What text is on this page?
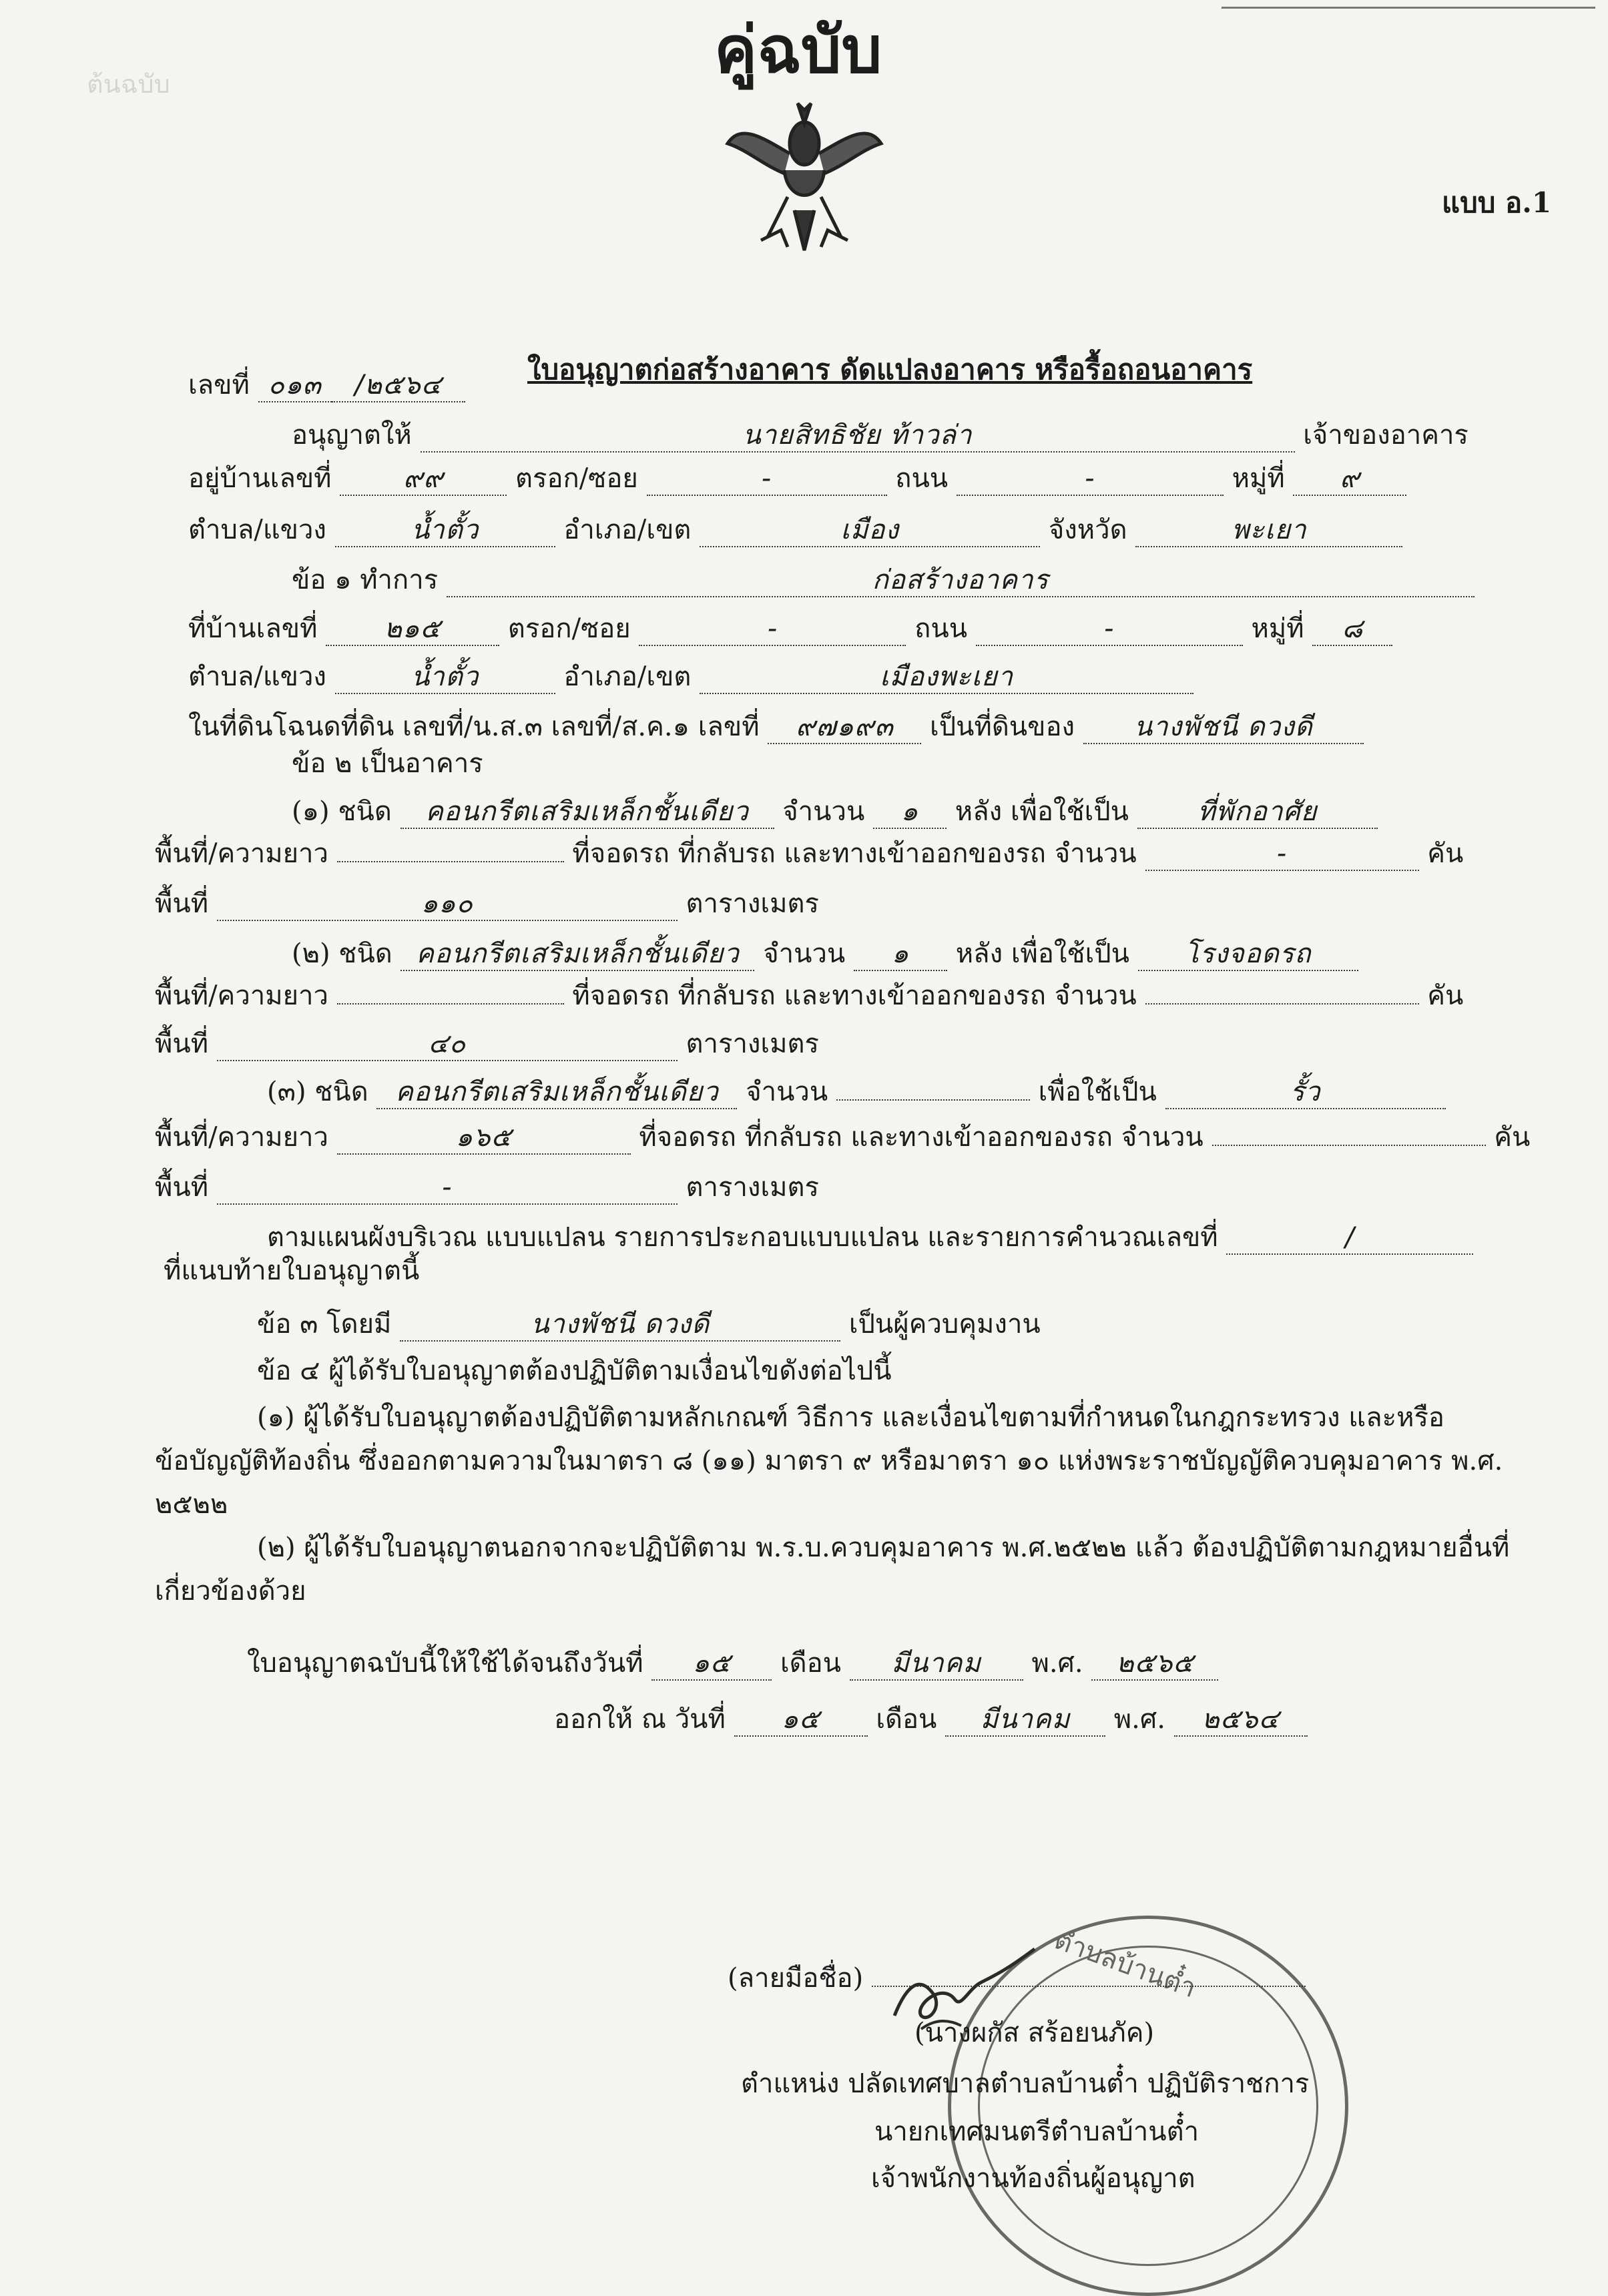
ต้นฉบับ	คู่ฉบับ
แบบ อ.1
ใบอนุญาตก่อสร้างอาคาร ดัดแปลงอาคาร หรือรื้อถอนอาคาร
เลขที่ ๐๑๓ /๒๕๖๔
อนุญาตให้	นายสิทธิชัย ท้าวล่า	เจ้าของอาคาร
อยู่บ้านเลขที่	๙๙	ตรอก/ซอย	-	ถนน	-	หมู่ที่ ๙
ตำบล/แขวง	น้ำตั้ว	อำเภอ/เขต	เมือง	จังหวัด	พะเยา
ข้อ ๑ ทำการ	ก่อสร้างอาคาร
ที่บ้านเลขที่	๒๑๕	ตรอก/ซอย	-	ถนน	-	หมู่ที่ ๘
ตำบล/แขวง	น้ำตั้ว	อำเภอ/เขต	เมืองพะเยา
ในที่ดินโฉนดที่ดิน เลขที่/น.ส.๓ เลขที่/ส.ค.๑ เลขที่ ๙๗๑๙๓ เป็นที่ดินของ นางพัชนี ดวงดี
ข้อ ๒ เป็นอาคาร
(๑) ชนิด คอนกรีตเสริมเหล็กชั้นเดียว จำนวน ๑ หลัง เพื่อใช้เป็น	ที่พักอาศัย
พื้นที่/ความยาว	ที่จอดรถ ที่กลับรถ และทางเข้าออกของรถ จำนวน	-	คัน
พื้นที่	๑๑๐	ตารางเมตร
(๒) ชนิด คอนกรีตเสริมเหล็กชั้นเดียว จำนวน ๑ หลัง เพื่อใช้เป็น โรงจอดรถ
พื้นที่/ความยาว	ที่จอดรถ ที่กลับรถ และทางเข้าออกของรถ จำนวน	คัน
พื้นที่	๔๐	ตารางเมตร
(๓) ชนิด คอนกรีตเสริมเหล็กชั้นเดียว จำนวน	เพื่อใช้เป็น	รั้ว
พื้นที่/ความยาว	๑๖๕	ที่จอดรถ ที่กลับรถ และทางเข้าออกของรถ จำนวน	คัน
พื้นที่	-	ตารางเมตร
ตามแผนผังบริเวณ แบบแปลน รายการประกอบแบบแปลน และรายการคำนวณเลขที่	/
ที่แนบท้ายใบอนุญาตนี้
ข้อ ๓ โดยมี	นางพัชนี ดวงดี	เป็นผู้ควบคุมงาน
ข้อ ๔ ผู้ได้รับใบอนุญาตต้องปฏิบัติตามเงื่อนไขดังต่อไปนี้
(๑) ผู้ได้รับใบอนุญาตต้องปฏิบัติตามหลักเกณฑ์ วิธีการ และเงื่อนไขตามที่กำหนดในกฎกระทรวง และหรือ
ข้อบัญญัติท้องถิ่น ซึ่งออกตามความในมาตรา ๘ (๑๑) มาตรา ๙ หรือมาตรา ๑๐ แห่งพระราชบัญญัติควบคุมอาคาร พ.ศ.
๒๕๒๒
(๒) ผู้ได้รับใบอนุญาตนอกจากจะปฏิบัติตาม พ.ร.บ.ควบคุมอาคาร พ.ศ.๒๕๒๒ แล้ว ต้องปฏิบัติตามกฎหมายอื่นที่
เกี่ยวข้องด้วย
ใบอนุญาตฉบับนี้ให้ใช้ได้จนถึงวันที่ ๑๕ เดือน มีนาคม พ.ศ. ๒๕๖๕
ออกให้ ณ วันที่ ๑๕ เดือน มีนาคม พ.ศ. ๒๕๖๔
ตำบลบ้านต๋ำ
(ลายมือชื่อ)
(นางผกัส สร้อยนภัค)
ตำแหน่ง ปลัดเทศบาลตำบลบ้านต๋ำ ปฏิบัติราชการ
นายกเทศมนตรีตำบลบ้านต๋ำ
เจ้าพนักงานท้องถิ่นผู้อนุญาต
